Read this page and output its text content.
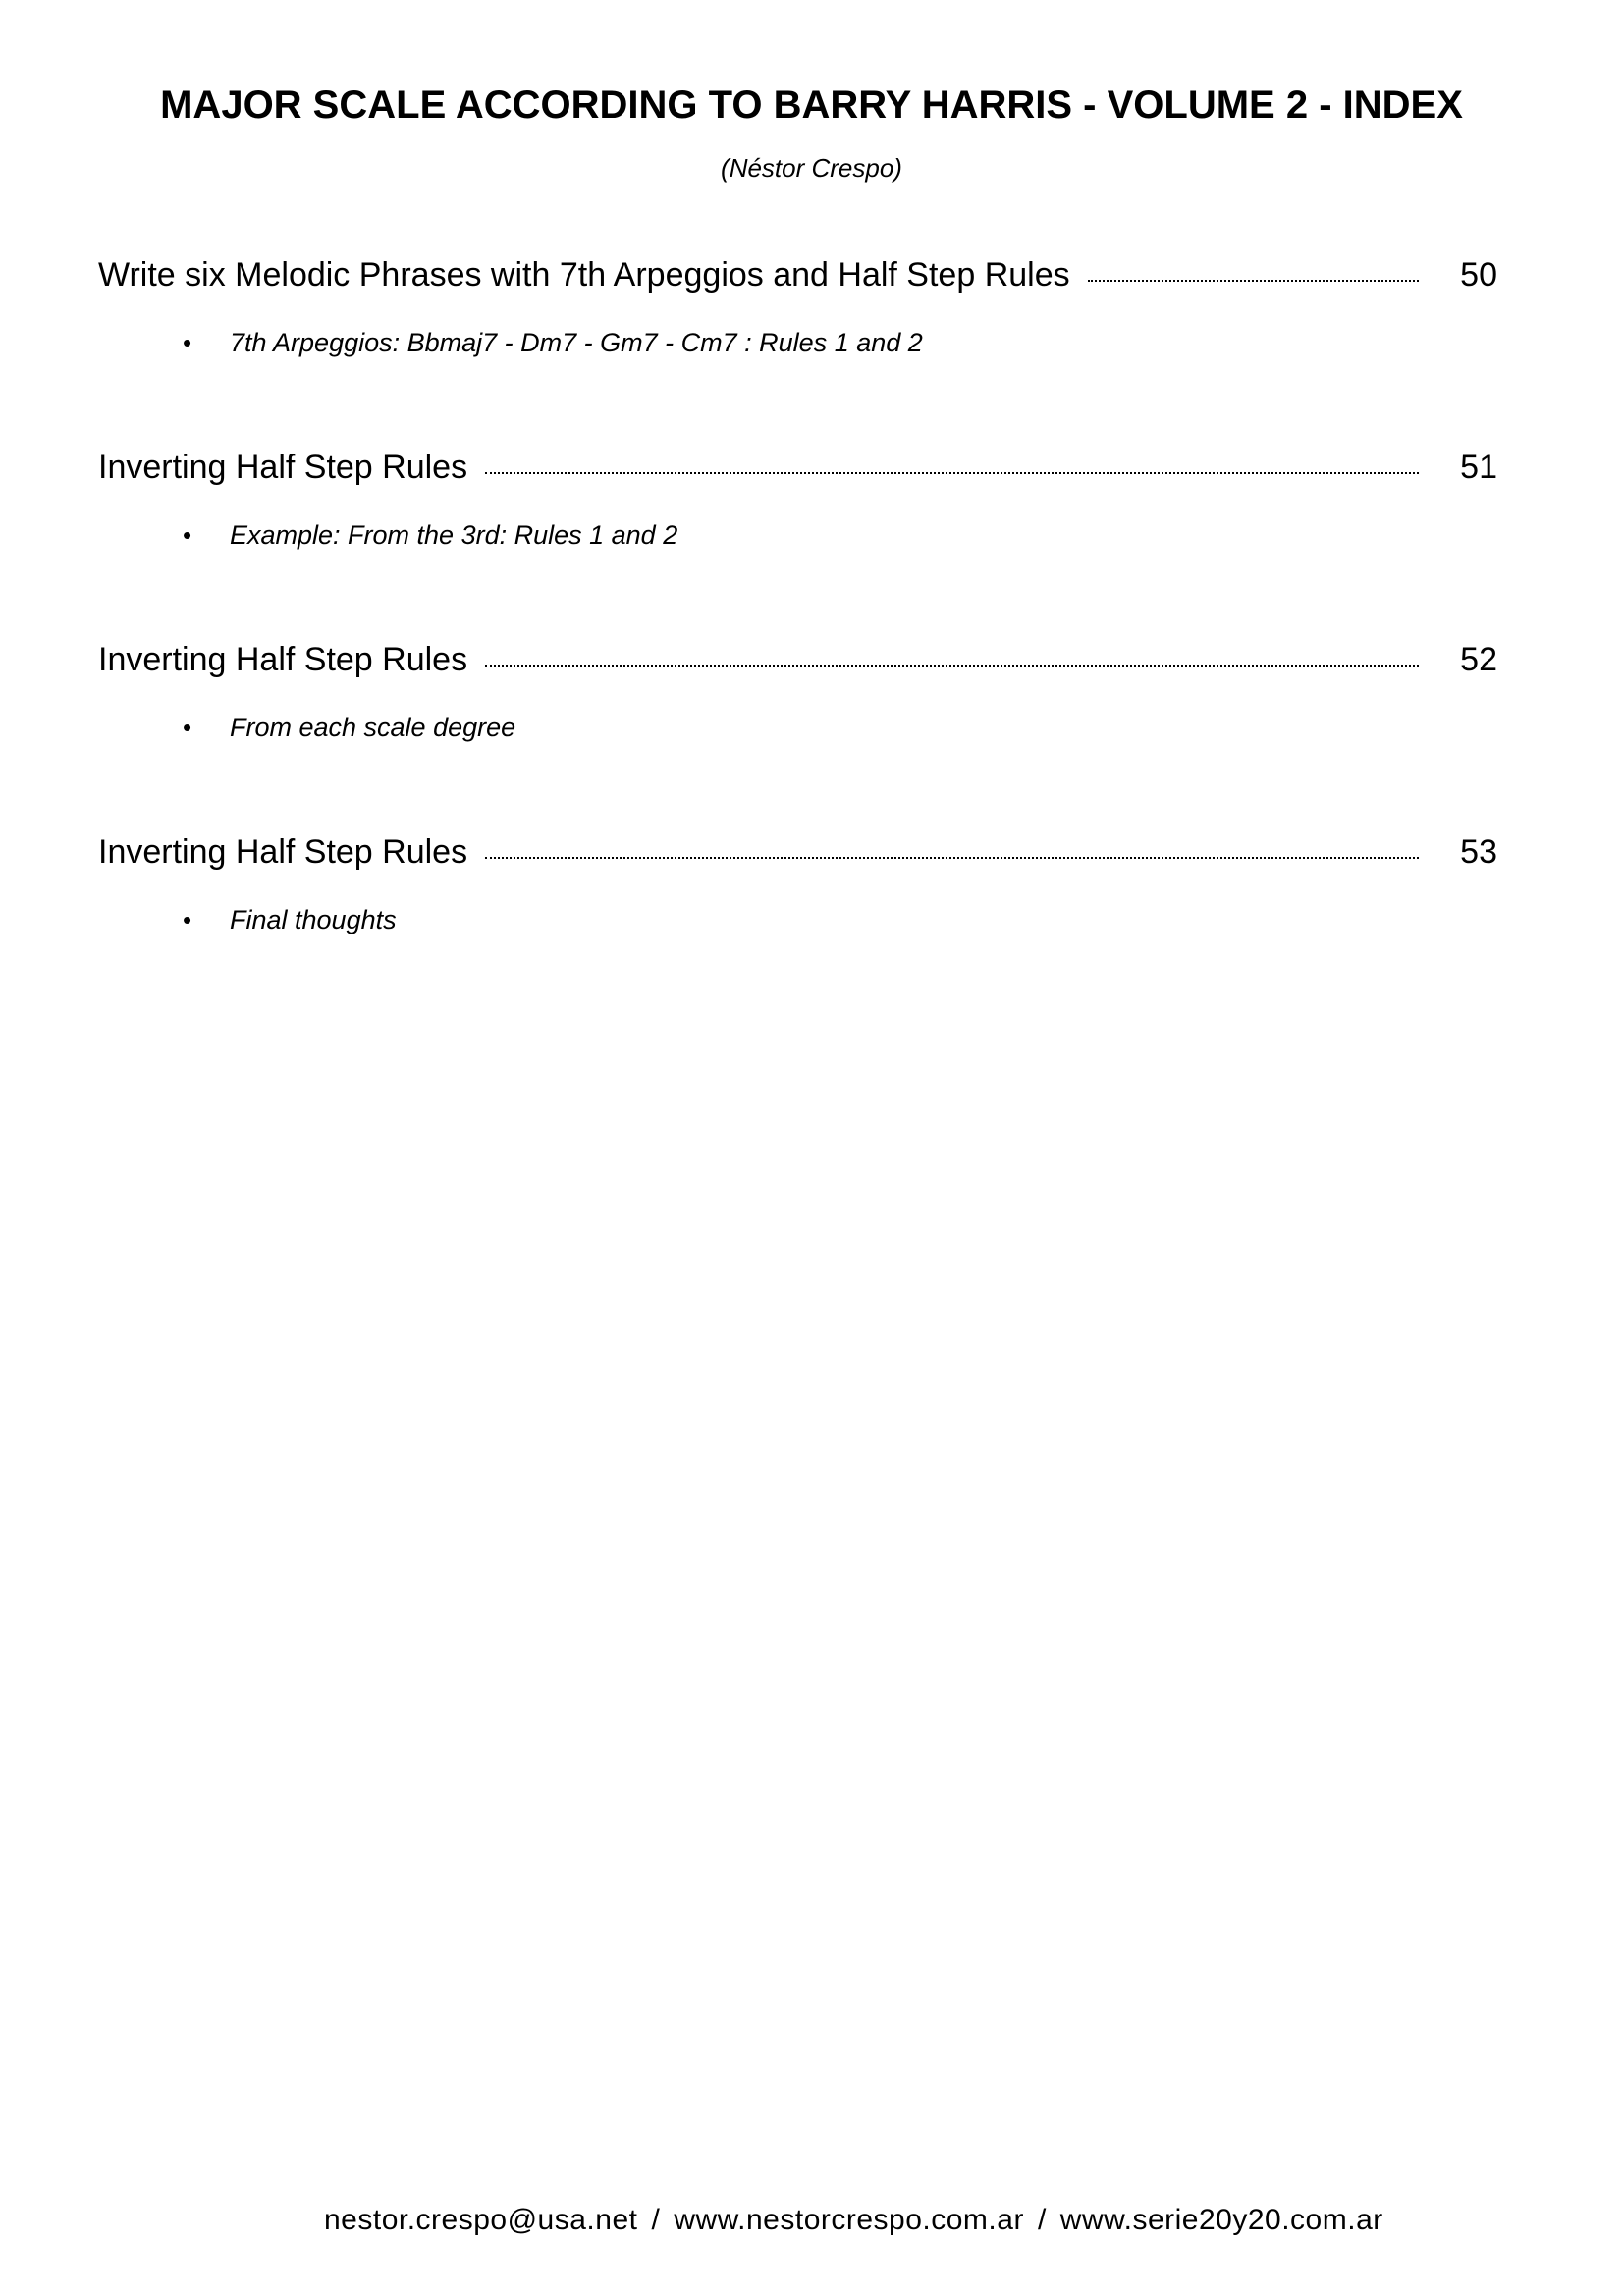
MAJOR SCALE ACCORDING TO BARRY HARRIS - VOLUME 2 - INDEX
(Néstor Crespo)
Write six Melodic Phrases with 7th Arpeggios and Half Step Rules	50
•	7th Arpeggios: Bbmaj7 - Dm7 - Gm7 - Cm7 : Rules 1 and 2
Inverting Half Step Rules	51
•	Example: From the 3rd: Rules 1 and 2
Inverting Half Step Rules	52
•	From each scale degree
Inverting Half Step Rules	53
•	Final thoughts
nestor.crespo@usa.net / www.nestorcrespo.com.ar / www.serie20y20.com.ar
